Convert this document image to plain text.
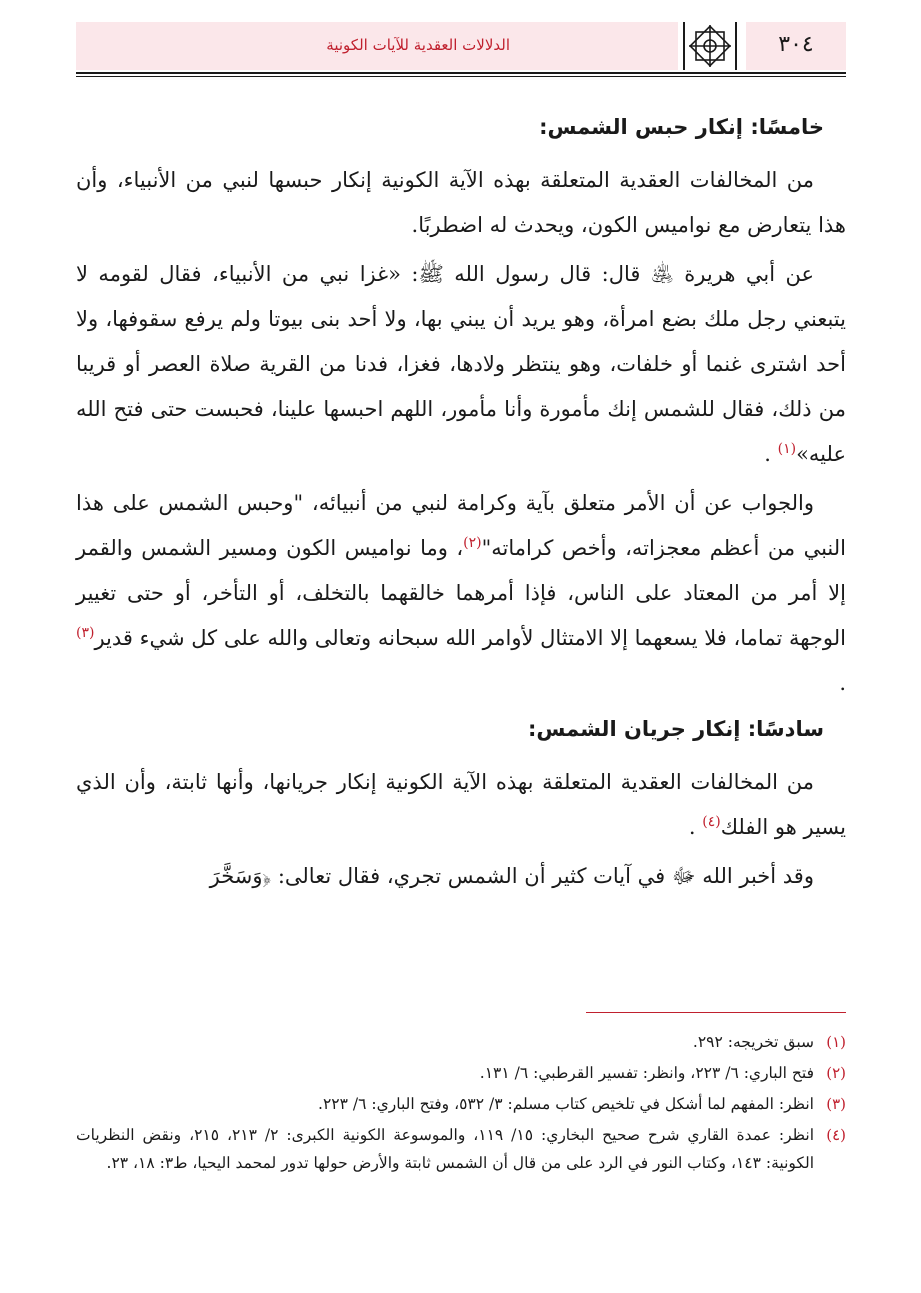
الدلالات العقدية للآيات الكونية	٣٠٤
خامسًا: إنكار حبس الشمس:

من المخالفات العقدية المتعلقة بهذه الآية الكونية إنكار حبسها لنبي من الأنبياء، وأن هذا يتعارض مع نواميس الكون، ويحدث له اضطربًا.

عن أبي هريرة ﵁ قال: قال رسول الله ﷺ: «غزا نبي من الأنبياء، فقال لقومه لا يتبعني رجل ملك بضع امرأة، وهو يريد أن يبني بها، ولا أحد بنى بيوتا ولم يرفع سقوفها، ولا أحد اشترى غنما أو خلفات، وهو ينتظر ولادها، فغزا، فدنا من القرية صلاة العصر أو قريبا من ذلك، فقال للشمس إنك مأمورة وأنا مأمور، اللهم احبسها علينا، فحبست حتى فتح الله عليه»$^{(١)}$ .

والجواب عن أن الأمر متعلق بآية وكرامة لنبي من أنبيائه، "وحبس الشمس على هذا النبي من أعظم معجزاته، وأخص كراماته"$^{(٢)}$، وما نواميس الكون ومسير الشمس والقمر إلا أمر من المعتاد على الناس، فإذا أمرهما خالقهما بالتخلف، أو التأخر، أو حتى تغيير الوجهة تماما، فلا يسعهما إلا الامتثال لأوامر الله سبحانه وتعالى والله على كل شيء قدير$^{(٣)}$ .

سادسًا: إنكار جريان الشمس:

من المخالفات العقدية المتعلقة بهذه الآية الكونية إنكار جريانها، وأنها ثابتة، وأن الذي يسير هو الفلك$^{(٤)}$ .

وقد أخبر الله ﷻ في آيات كثير أن الشمس تجري، فقال تعالى: ﴿وَسَخَّرَ

(١)
سبق تخريجه: ٢٩٢.
(٢)
فتح الباري: ٦/ ٢٢٣، وانظر: تفسير القرطبي: ٦/ ١٣١.
(٣)
انظر: المفهم لما أشكل في تلخيص كتاب مسلم: ٣/ ٥٣٢، وفتح الباري: ٦/ ٢٢٣.
(٤)
انظر: عمدة القاري شرح صحيح البخاري: ١٥/ ١١٩، والموسوعة الكونية الكبرى: ٢/ ٢١٣، ٢١٥، ونقض النظريات الكونية: ١٤٣، وكتاب النور في الرد على من قال أن الشمس ثابتة والأرض حولها تدور لمحمد اليحيا، ط٣: ١٨، ٢٣.
